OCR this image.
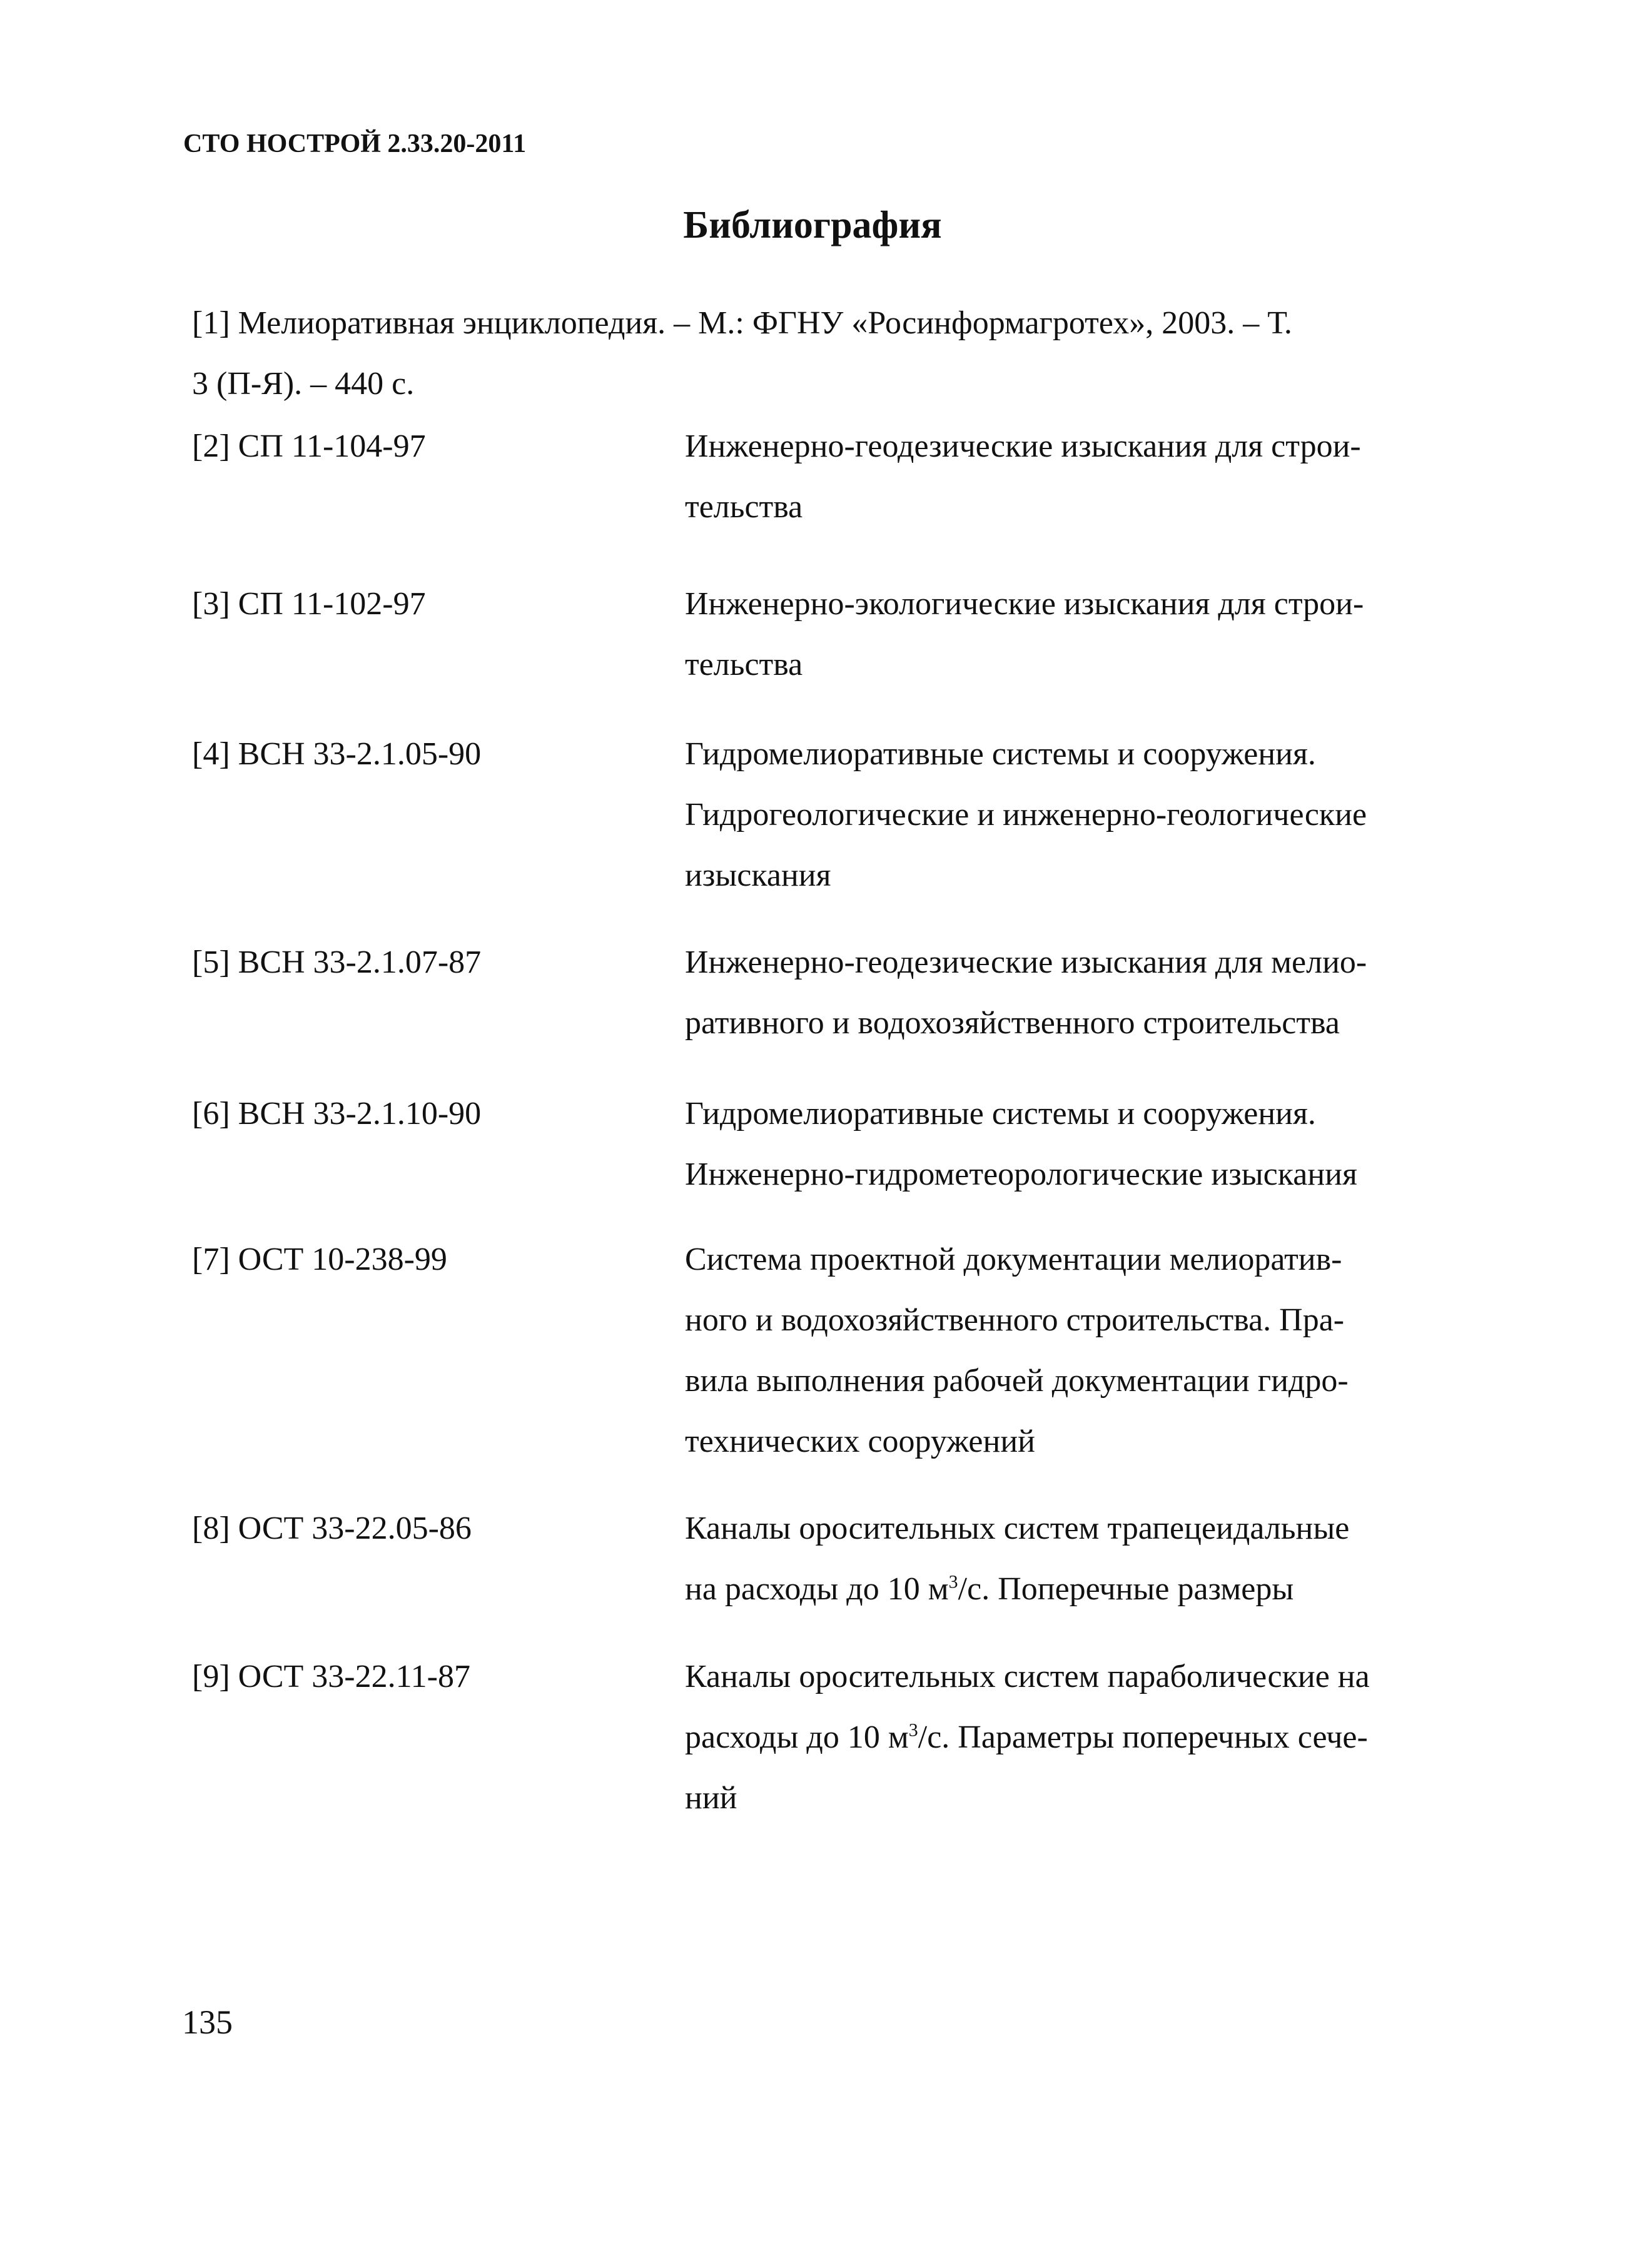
СТО НОСТРОЙ 2.33.20-2011
Библиография
[1] Мелиоративная энциклопедия. – М.: ФГНУ «Росинформагротех», 2003. – Т.
3 (П-Я). – 440 с.
[2] СП 11-104-97	Инженерно-геодезические изыскания для строи-
тельства
[3] СП 11-102-97	Инженерно-экологические изыскания для строи-
тельства
[4] ВСН 33-2.1.05-90	Гидромелиоративные системы и сооружения.
Гидрогеологические и инженерно-геологические
изыскания
[5] ВСН 33-2.1.07-87	Инженерно-геодезические изыскания для мелио-
ративного и водохозяйственного строительства
[6] ВСН 33-2.1.10-90	Гидромелиоративные системы и сооружения.
Инженерно-гидрометеорологические изыскания
[7] ОСТ 10-238-99	Система проектной документации мелиоратив-
ного и водохозяйственного строительства. Пра-
вила выполнения рабочей документации гидро-
технических сооружений
[8] ОСТ 33-22.05-86	Каналы оросительных систем трапецеидальные
на расходы до 10 $м^3/с$. Поперечные размеры
[9] ОСТ 33-22.11-87	Каналы оросительных систем параболические на
расходы до 10 $м^3/с$. Параметры поперечных сече-
ний
135
